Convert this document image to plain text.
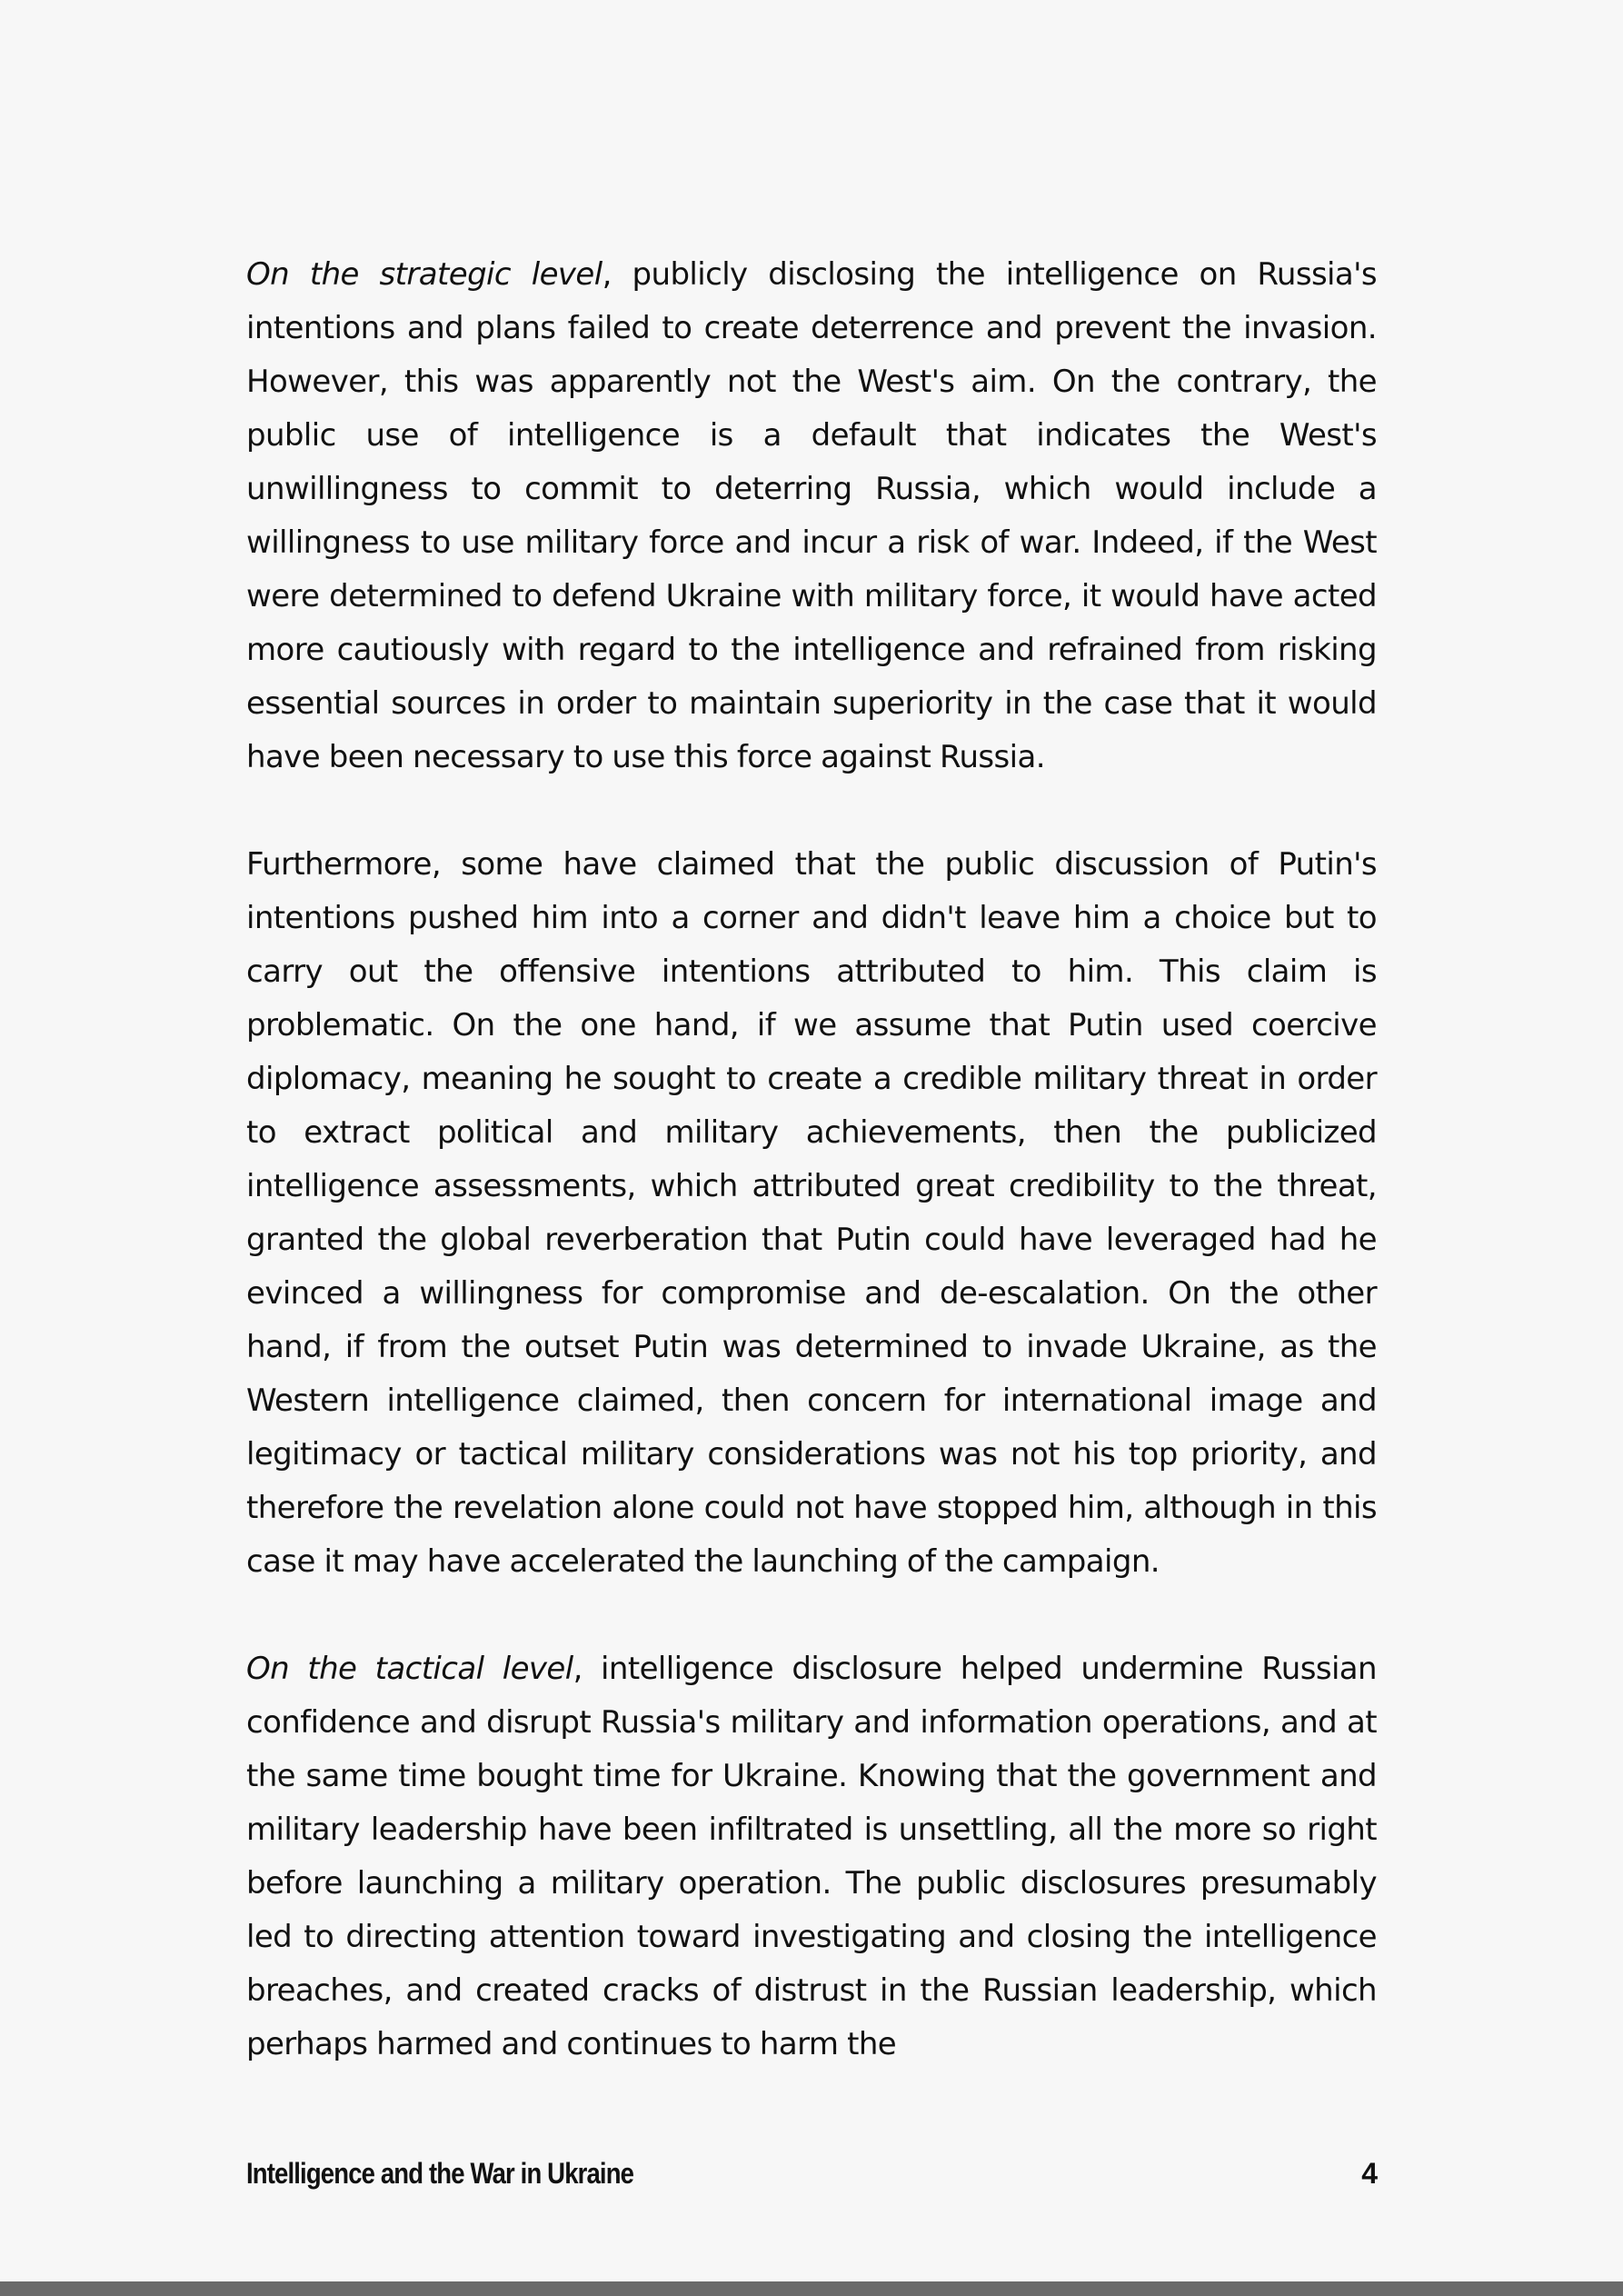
On the strategic level, publicly disclosing the intelligence on Russia's intentions and plans failed to create deterrence and prevent the invasion. However, this was apparently not the West's aim. On the contrary, the public use of intelligence is a default that indicates the West's unwillingness to commit to deterring Russia, which would include a willingness to use military force and incur a risk of war. Indeed, if the West were determined to defend Ukraine with military force, it would have acted more cautiously with regard to the intelligence and refrained from risking essential sources in order to maintain superiority in the case that it would have been necessary to use this force against Russia.

Furthermore, some have claimed that the public discussion of Putin's intentions pushed him into a corner and didn't leave him a choice but to carry out the offensive intentions attributed to him. This claim is problematic. On the one hand, if we assume that Putin used coercive diplomacy, meaning he sought to create a credible military threat in order to extract political and military achievements, then the publicized intelligence assessments, which attributed great credibility to the threat, granted the global reverberation that Putin could have leveraged had he evinced a willingness for compromise and de-escalation. On the other hand, if from the outset Putin was determined to invade Ukraine, as the Western intelligence claimed, then concern for international image and legitimacy or tactical military considerations was not his top priority, and therefore the revelation alone could not have stopped him, although in this case it may have accelerated the launching of the campaign.

On the tactical level, intelligence disclosure helped undermine Russian confidence and disrupt Russia's military and information operations, and at the same time bought time for Ukraine. Knowing that the government and military leadership have been infiltrated is unsettling, all the more so right before launching a military operation. The public disclosures presumably led to directing attention toward investigating and closing the intelligence breaches, and created cracks of distrust in the Russian leadership, which perhaps harmed and continues to harm the

Intelligence and the War in Ukraine	4
